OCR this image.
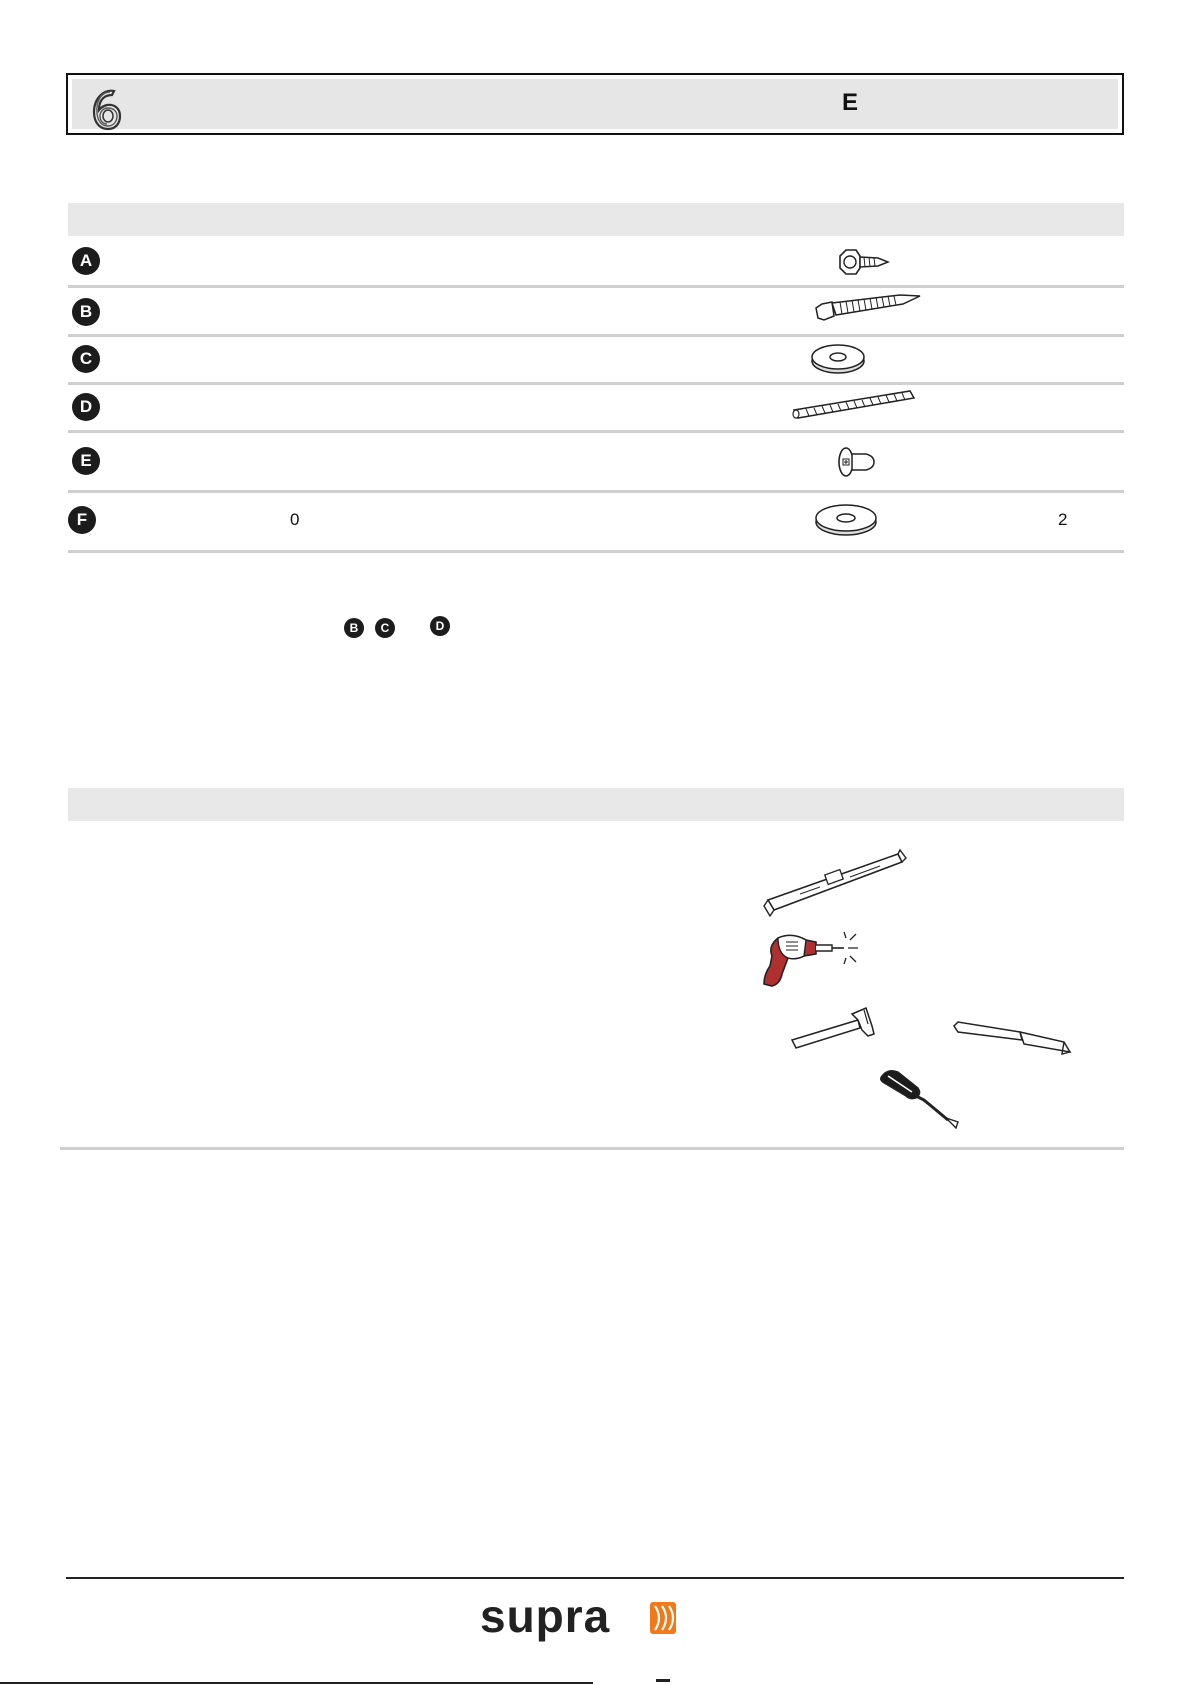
E
A
B
C
D
E
F	0	2
B	C	D
supra
